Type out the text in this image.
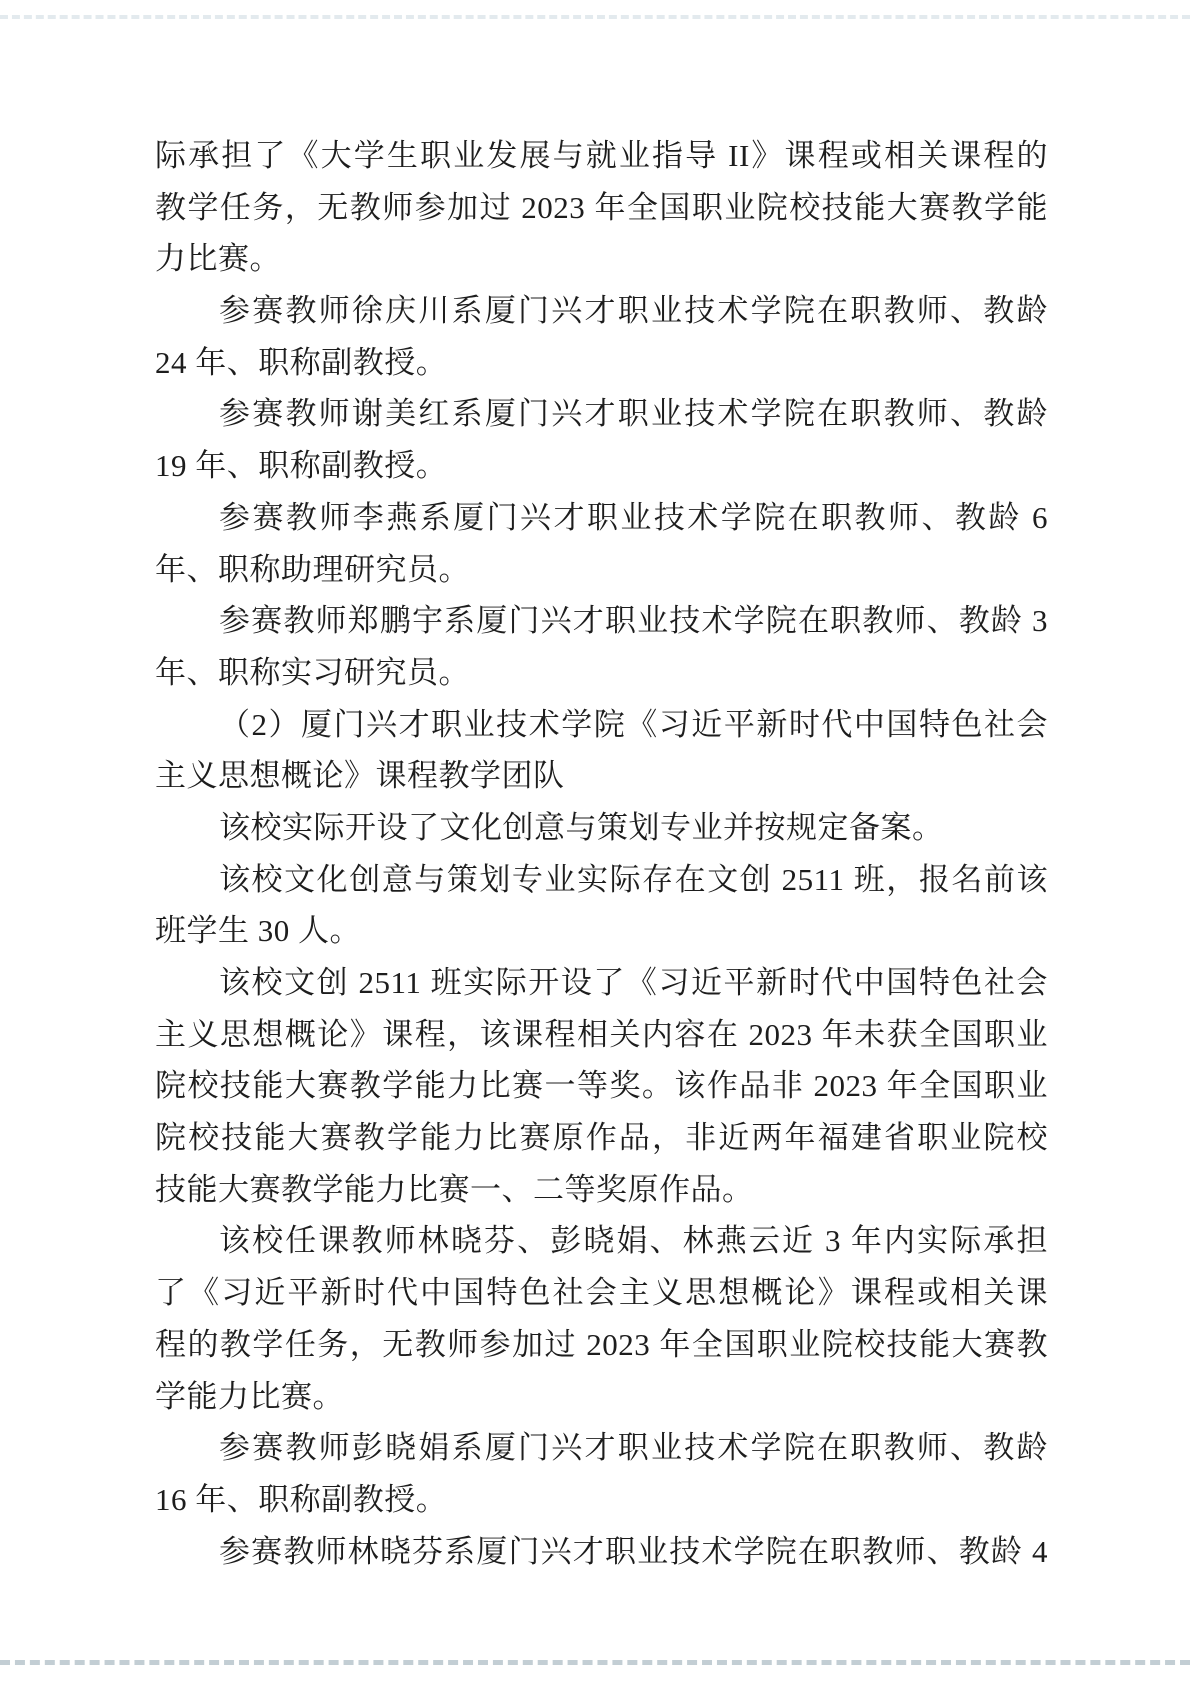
际承担了《大学生职业发展与就业指导 II》课程或相关课程的
教学任务，无教师参加过 2023 年全国职业院校技能大赛教学能
力比赛。
参赛教师徐庆川系厦门兴才职业技术学院在职教师、教龄
24 年、职称副教授。
参赛教师谢美红系厦门兴才职业技术学院在职教师、教龄
19 年、职称副教授。
参赛教师李燕系厦门兴才职业技术学院在职教师、教龄 6
年、职称助理研究员。
参赛教师郑鹏宇系厦门兴才职业技术学院在职教师、教龄 3
年、职称实习研究员。
（2）厦门兴才职业技术学院《习近平新时代中国特色社会
主义思想概论》课程教学团队
该校实际开设了文化创意与策划专业并按规定备案。
该校文化创意与策划专业实际存在文创 2511 班，报名前该
班学生 30 人。
该校文创 2511 班实际开设了《习近平新时代中国特色社会
主义思想概论》课程，该课程相关内容在 2023 年未获全国职业
院校技能大赛教学能力比赛一等奖。该作品非 2023 年全国职业
院校技能大赛教学能力比赛原作品，非近两年福建省职业院校
技能大赛教学能力比赛一、二等奖原作品。
该校任课教师林晓芬、彭晓娟、林燕云近 3 年内实际承担
了《习近平新时代中国特色社会主义思想概论》课程或相关课
程的教学任务，无教师参加过 2023 年全国职业院校技能大赛教
学能力比赛。
参赛教师彭晓娟系厦门兴才职业技术学院在职教师、教龄
16 年、职称副教授。
参赛教师林晓芬系厦门兴才职业技术学院在职教师、教龄 4
